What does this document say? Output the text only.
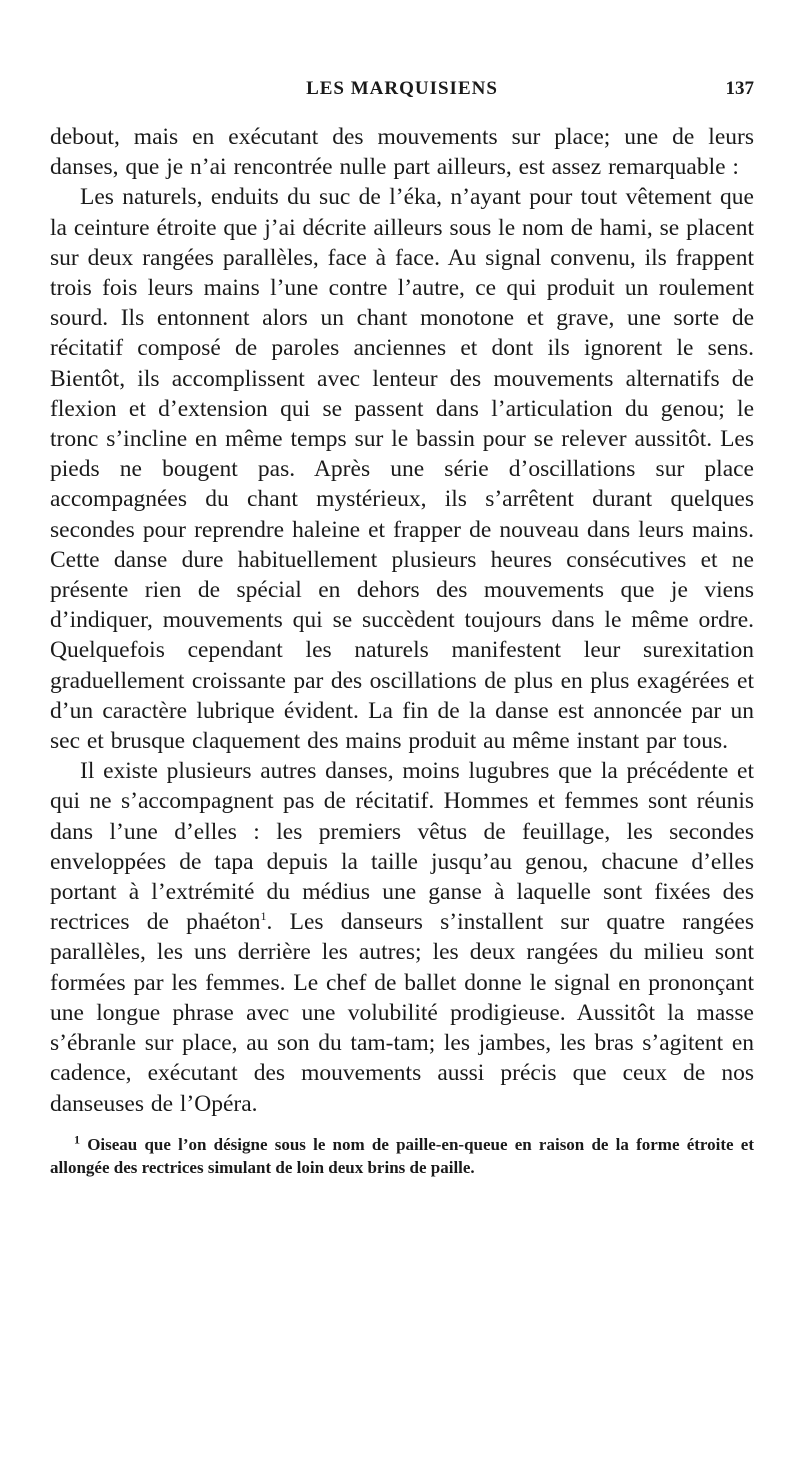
LES MARQUISIENS	137

debout, mais en exécutant des mouvements sur place; une de leurs danses, que je n’ai rencontrée nulle part ailleurs, est assez remarquable :

Les naturels, enduits du suc de l’éka, n’ayant pour tout vêtement que la ceinture étroite que j’ai décrite ailleurs sous le nom de hami, se placent sur deux rangées parallèles, face à face. Au signal convenu, ils frappent trois fois leurs mains l’une contre l’autre, ce qui produit un roulement sourd. Ils entonnent alors un chant monotone et grave, une sorte de récitatif composé de paroles anciennes et dont ils ignorent le sens. Bientôt, ils accomplissent avec lenteur des mouvements alternatifs de flexion et d’extension qui se passent dans l’articulation du genou; le tronc s’incline en même temps sur le bassin pour se relever aussitôt. Les pieds ne bougent pas. Après une série d’oscillations sur place accompagnées du chant mystérieux, ils s’arrêtent durant quelques secondes pour reprendre haleine et frapper de nouveau dans leurs mains. Cette danse dure habituellement plusieurs heures consécutives et ne présente rien de spécial en dehors des mouvements que je viens d’indiquer, mouvements qui se succèdent toujours dans le même ordre. Quelquefois cependant les naturels manifestent leur surexitation graduellement croissante par des oscillations de plus en plus exagérées et d’un caractère lubrique évident. La fin de la danse est annoncée par un sec et brusque claquement des mains produit au même instant par tous.

Il existe plusieurs autres danses, moins lugubres que la précédente et qui ne s’accompagnent pas de récitatif. Hommes et femmes sont réunis dans l’une d’elles : les premiers vêtus de feuillage, les secondes enveloppées de tapa depuis la taille jusqu’au genou, chacune d’elles portant à l’extrémité du médius une ganse à laquelle sont fixées des rectrices de phaéton$^1$. Les danseurs s’installent sur quatre rangées parallèles, les uns derrière les autres; les deux rangées du milieu sont formées par les femmes. Le chef de ballet donne le signal en prononçant une longue phrase avec une volubilité prodigieuse. Aussitôt la masse s’ébranle sur place, au son du tam-tam; les jambes, les bras s’agitent en cadence, exécutant des mouvements aussi précis que ceux de nos danseuses de l’Opéra.

$^1$ Oiseau que l’on désigne sous le nom de paille-en-queue en raison de la forme étroite et allongée des rectrices simulant de loin deux brins de paille.
